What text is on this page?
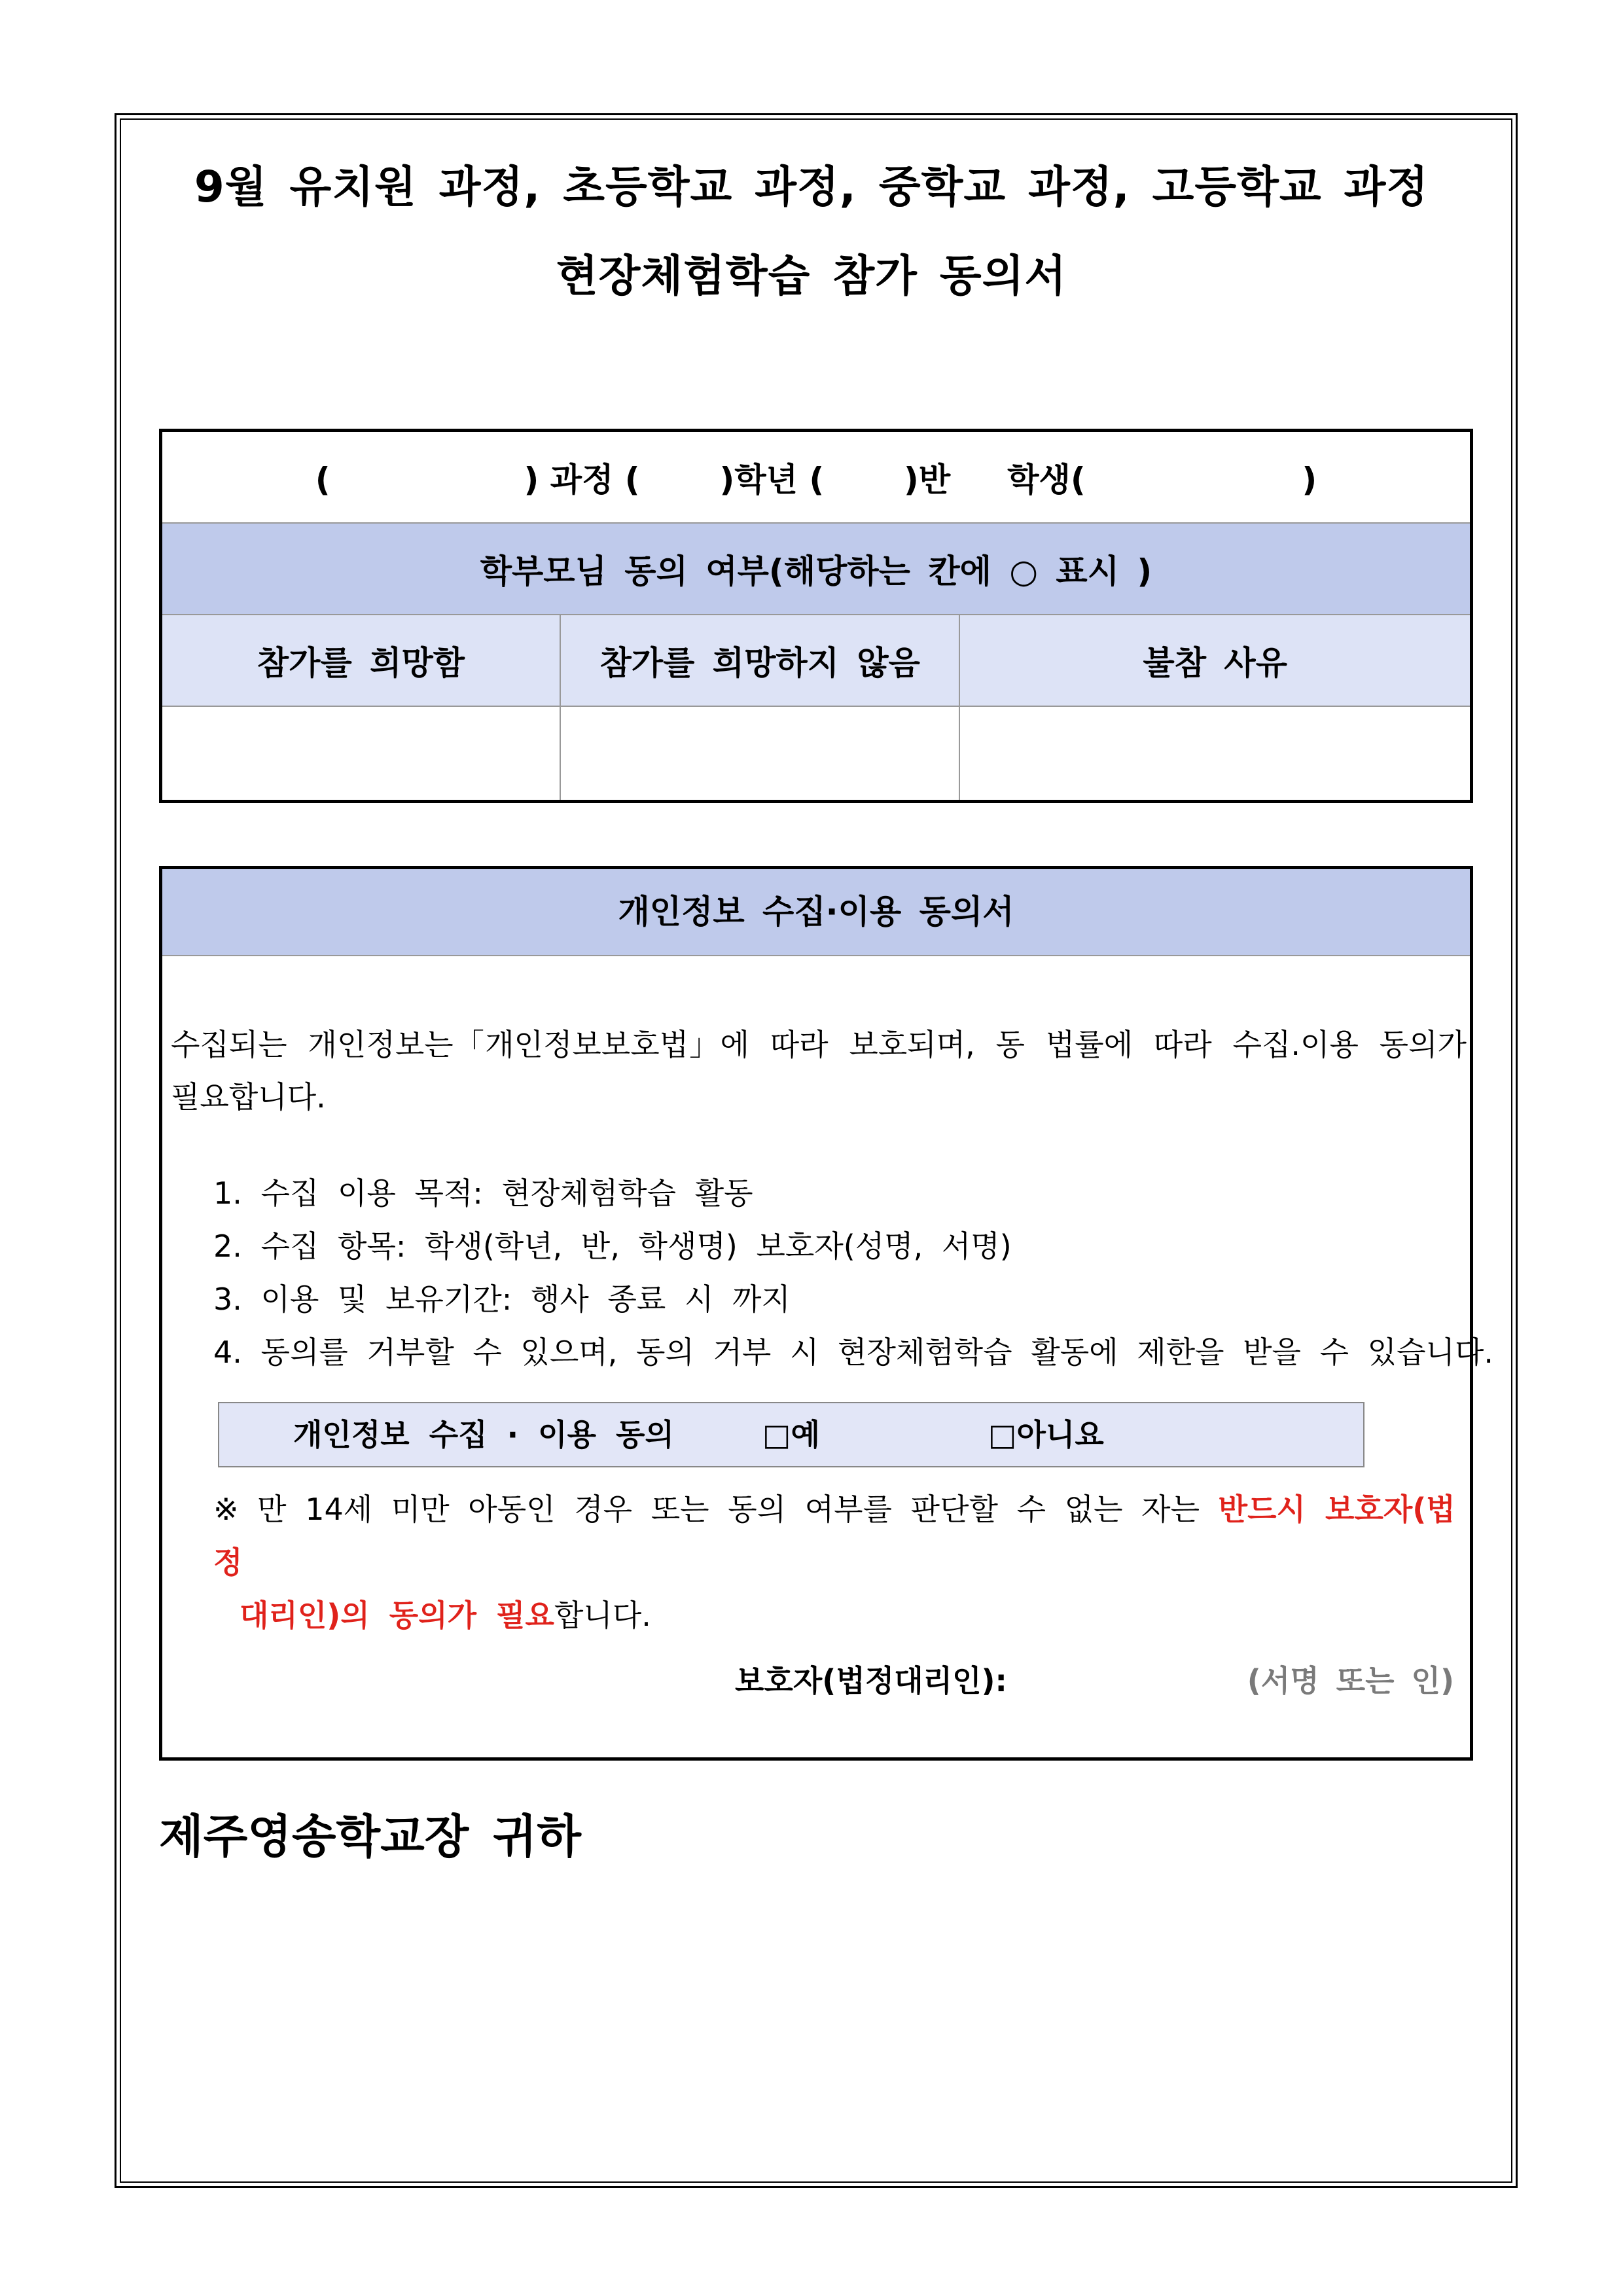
9월 유치원 과정, 초등학교 과정, 중학교 과정, 고등학교 과정
현장체험학습 참가 동의서
(                 ) 과정 (       )학년 (       )반     학생(                   )		
학부모님 동의 여부(해당하는 칸에 ○ 표시 )		
참가를 희망함	참가를 희망하지 않음	불참 사유

개인정보 수집·이용 동의서
수집되는 개인정보는「개인정보보호법」에 따라 보호되며, 동 법률에 따라 수집.이용 동의가 필요합니다.
1. 수집 이용 목적: 현장체험학습 활동
2. 수집 항목: 학생(학년, 반, 학생명) 보호자(성명, 서명)
3. 이용 및 보유기간: 행사 종료 시 까지
4. 동의를 거부할 수 있으며, 동의 거부 시 현장체험학습 활동에 제한을 받을 수 있습니다.
개인정보 수집 · 이용 동의	□예	□아니요
※ 만 14세 미만 아동인 경우 또는 동의 여부를 판단할 수 없는 자는 반드시 보호자(법정
대리인)의 동의가 필요합니다.
보호자(법정대리인):	(서명 또는 인)
제주영송학교장 귀하
